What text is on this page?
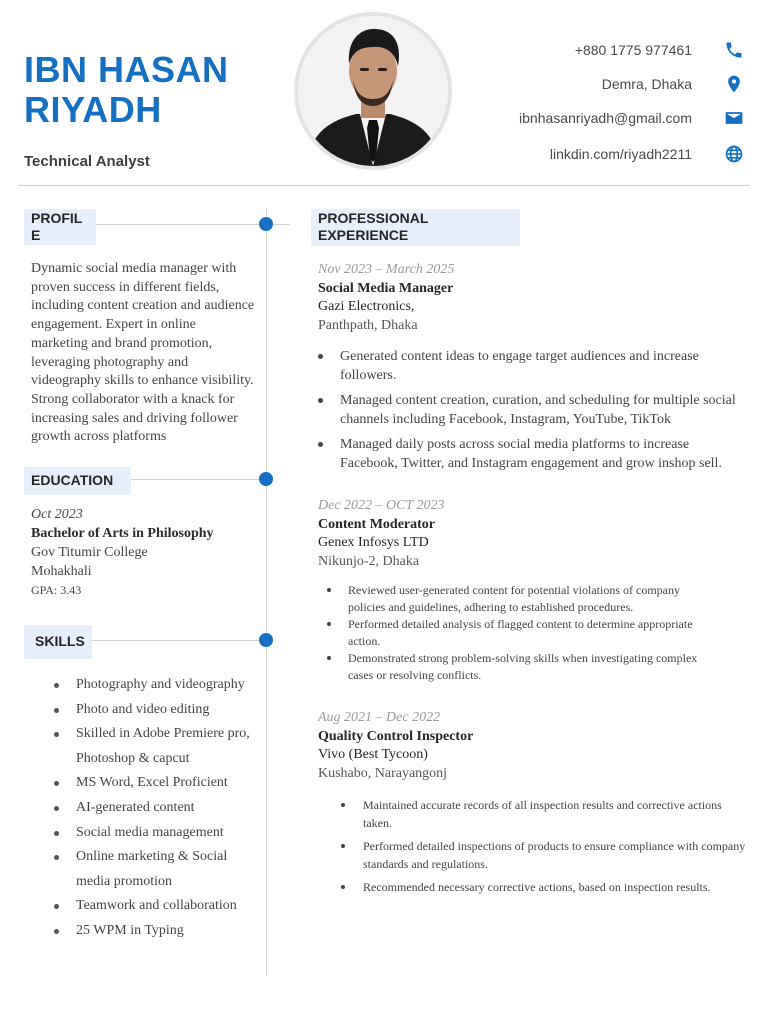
IBN HASAN
RIYADH
Technical Analyst
+880 1775 977461
Demra, Dhaka
ibnhasanriyadh@gmail.com
linkdin.com/riyadh2211
PROFIL
E
Dynamic social media manager with proven success in different fields, including content creation and audience engagement. Expert in online marketing and brand promotion, leveraging photography and videography skills to enhance visibility. Strong collaborator with a knack for increasing sales and driving follower growth across platforms
EDUCATION
Oct 2023
Bachelor of Arts in Philosophy
Gov Titumir College
Mohakhali
GPA: 3.43
SKILLS
Photography and videography
Photo and video editing
Skilled in Adobe Premiere pro, Photoshop & capcut
MS Word, Excel Proficient
AI-generated content
Social media management
Online marketing & Social media promotion
Teamwork and collaboration
25 WPM in Typing
PROFESSIONAL
EXPERIENCE
Nov 2023 – March 2025
Social Media Manager
Gazi Electronics,
Panthpath, Dhaka
Generated content ideas to engage target audiences and increase followers.
Managed content creation, curation, and scheduling for multiple social channels including Facebook, Instagram, YouTube, TikTok
Managed daily posts across social media platforms to increase Facebook, Twitter, and Instagram engagement and grow inshop sell.
Dec 2022 – OCT 2023
Content Moderator
Genex Infosys LTD
Nikunjo-2, Dhaka
Reviewed user-generated content for potential violations of company policies and guidelines, adhering to established procedures.
Performed detailed analysis of flagged content to determine appropriate action.
Demonstrated strong problem-solving skills when investigating complex cases or resolving conflicts.
Aug 2021 – Dec 2022
Quality Control Inspector
Vivo (Best Tycoon)
Kushabo, Narayangonj
Maintained accurate records of all inspection results and corrective actions taken.
Performed detailed inspections of products to ensure compliance with company standards and regulations.
Recommended necessary corrective actions, based on inspection results.
